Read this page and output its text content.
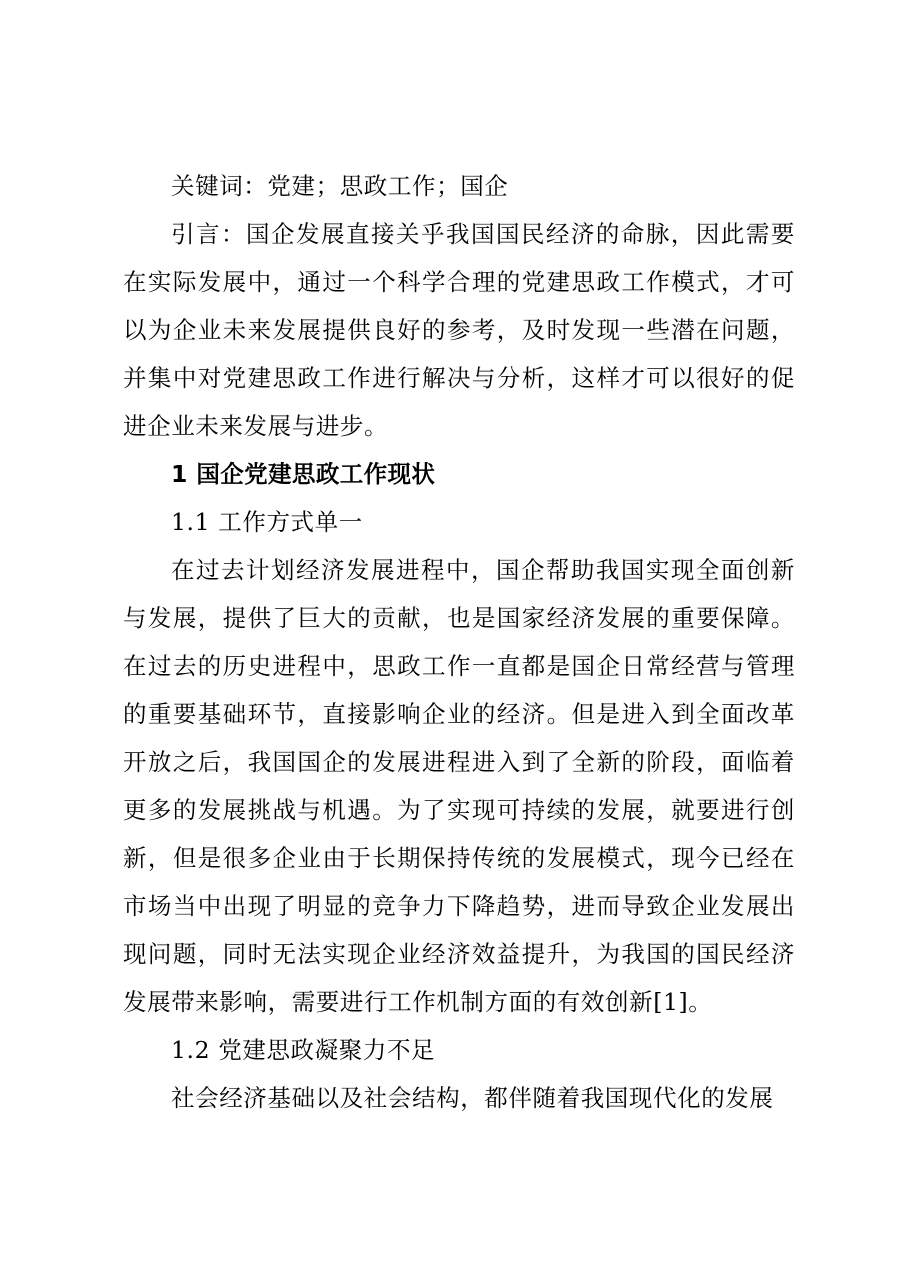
关键词：党建；思政工作；国企

引言：国企发展直接关乎我国国民经济的命脉，因此需要在实际发展中，通过一个科学合理的党建思政工作模式，才可以为企业未来发展提供良好的参考，及时发现一些潜在问题，并集中对党建思政工作进行解决与分析，这样才可以很好的促进企业未来发展与进步。

1 国企党建思政工作现状

1.1 工作方式单一

在过去计划经济发展进程中，国企帮助我国实现全面创新与发展，提供了巨大的贡献，也是国家经济发展的重要保障。在过去的历史进程中，思政工作一直都是国企日常经营与管理的重要基础环节，直接影响企业的经济。但是进入到全面改革开放之后，我国国企的发展进程进入到了全新的阶段，面临着更多的发展挑战与机遇。为了实现可持续的发展，就要进行创新，但是很多企业由于长期保持传统的发展模式，现今已经在市场当中出现了明显的竞争力下降趋势，进而导致企业发展出现问题，同时无法实现企业经济效益提升，为我国的国民经济发展带来影响，需要进行工作机制方面的有效创新[1]。

1.2 党建思政凝聚力不足

社会经济基础以及社会结构，都伴随着我国现代化的发展
